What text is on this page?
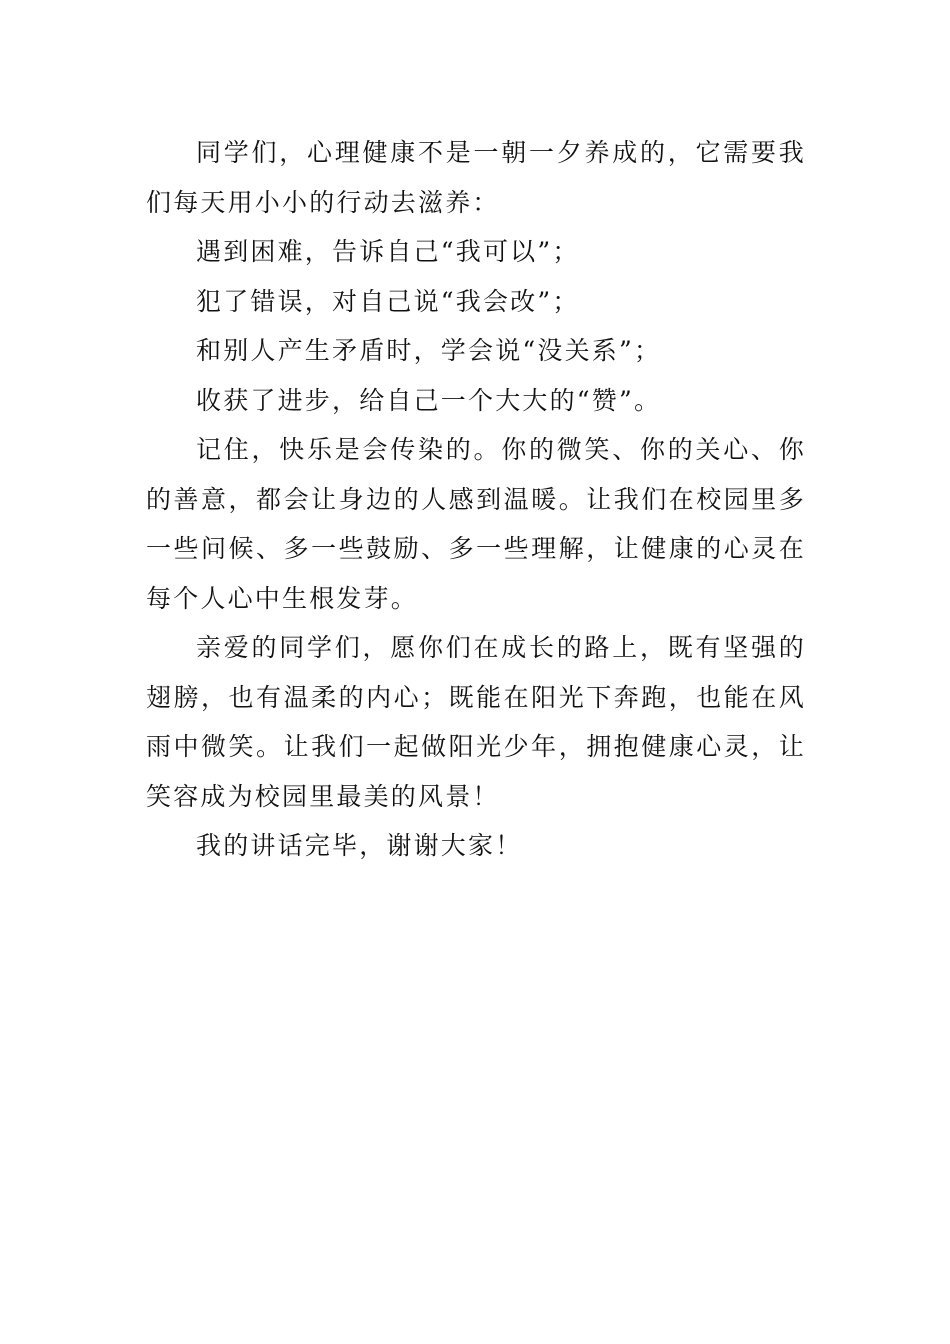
同学们，心理健康不是一朝一夕养成的，它需要我们每天用小小的行动去滋养：

遇到困难，告诉自己“我可以”；

犯了错误，对自己说“我会改”；

和别人产生矛盾时，学会说“没关系”；

收获了进步，给自己一个大大的“赞”。

记住，快乐是会传染的。你的微笑、你的关心、你的善意，都会让身边的人感到温暖。让我们在校园里多一些问候、多一些鼓励、多一些理解，让健康的心灵在每个人心中生根发芽。

亲爱的同学们，愿你们在成长的路上，既有坚强的翅膀，也有温柔的内心；既能在阳光下奔跑，也能在风雨中微笑。让我们一起做阳光少年，拥抱健康心灵，让笑容成为校园里最美的风景！

我的讲话完毕，谢谢大家！
